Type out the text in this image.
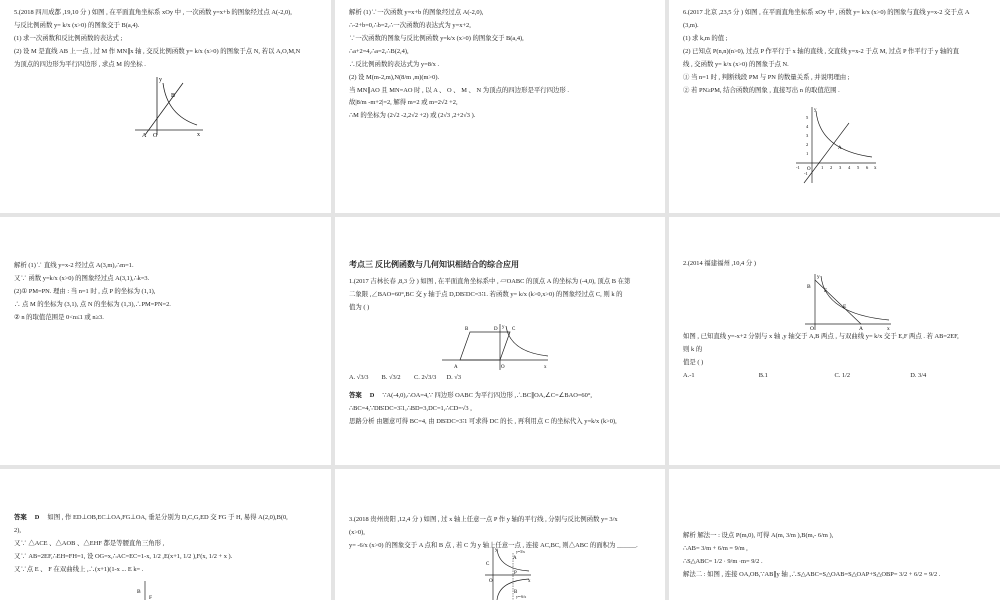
5.(2018 四川成都 ,19,10 分 ) 如图 , 在平面直角坐标系 xOy 中 , 一次函数 y=x+b 的图象经过点 A(-2,0),

与反比例函数 y= k/x (x>0) 的图象交于 B(a,4).

(1) 求一次函数和反比例函数的表达式 ;

(2) 设 M 是直线 AB 上一点 , 过 M 作 MN∥x 轴 , 交反比例函数 y= k/x (x>0) 的图象于点 N, 若以 A,O,M,N

为顶点的四边形为平行四边形 , 求点 M 的坐标 .

y
x
O
A
B

解析 (1)∵一次函数 y=x+b 的图象经过点 A(-2,0),

∴-2+b=0,∴b=2,∴一次函数的表达式为 y=x+2,

∵一次函数的图象与反比例函数 y=k/x (x>0) 的图象交于 B(a,4),

∴a+2=4,∴a=2,∴B(2,4),

∴反比例函数的表达式为 y=8/x .

(2) 设 M(m-2,m),N(8/m ,m)(m>0).

当 MN∥AO 且 MN=AO 时 , 以 A 、 O 、 M 、 N 为顶点的四边形是平行四边形 .

故|8/m -m+2|=2, 解得 m=2 或 m=2√2 +2,

∴M 的坐标为 (2√2 -2,2√2 +2) 或 (2√3 ,2+2√3 ).

6.(2017 北京 ,23,5 分 ) 如图 , 在平面直角坐标系 xOy 中 , 函数 y= k/x (x>0) 的图象与直线 y=x-2 交于点 A

(3,m).

(1) 求 k,m 的值 ;

(2) 已知点 P(n,n)(n>0), 过点 P 作平行于 x 轴的直线 , 交直线 y=x-2 于点 M, 过点 P 作平行于 y 轴的直

线 , 交函数 y= k/x (x>0) 的图象于点 N.

① 当 n=1 时 , 判断线段 PM 与 PN 的数量关系 , 并说明理由 ;

② 若 PN≥PM, 结合函数的图象 , 直接写出 n 的取值范围 .

y
x
A
O
5
4
3
2
1
-1
-1	1 2 3 4 5 6

解析 (1)∵ 直线 y=x-2 经过点 A(3,m),∴m=1.

又∵ 函数 y=k/x (x>0) 的图象经过点 A(3,1),∴k=3.

(2)① PM=PN. 理由 : 当 n=1 时 , 点 P 的坐标为 (1,1),

∴ 点 M 的坐标为 (3,1), 点 N 的坐标为 (1,3),∴PM=PN=2.

② n 的取值范围是 0<n≤1 或 n≥3.

考点三 反比例函数与几何知识相结合的综合应用

1.(2017 吉林长春 ,8,3 分 ) 如图 , 在平面直角坐标系中 , ▱OABC 的顶点 A 的坐标为 (-4,0), 顶点 B 在第

二象限 ,∠BAO=60°,BC 交 y 轴于点 D,DB∶DC=3∶1. 若函数 y= k/x (k>0,x>0) 的图象经过点 C, 则 k 的

值为 ( )

B	D	C
A	O	x
y
A. √3/3	B. √3/2	C. 2√3/3	D. √3

答案 D ∵A(-4,0),∴OA=4,∵ 四边形 OABC 为平行四边形 ,∴BC∥OA,∠C=∠BAO=60°,

∴BC=4,∵DB∶DC=3∶1,∴BD=3,DC=1,∴CD=√3 ,

思路分析 由题意可得 BC=4, 由 DB∶DC=3∶1 可求得 DC 的长 , 再利用点 C 的坐标代入 y=k/x (k>0),

2.(2014 福建福州 ,10,4 分 )

B
F
E
O	A	x
y

如图 , 已知直线 y=-x+2 分别与 x 轴 ,y 轴交于 A,B 两点 , 与双曲线 y= k/x 交于 E,F 两点 . 若 AB=2EF,

则 k 的

值是 ( )

A.-1	B.1	C. 1/2	D. 3/4

答案 D 如图 , 作 ED⊥OB,EC⊥OA,FG⊥OA, 垂足分别为 D,C,G,ED 交 FG 于 H, 易得 A(2,0),B(0,

2),

又∵ △ACE 、△AOB 、△EHF 都是等腰直角三角形 ,

又∵ AB=2EF,∴EH=FH=1, 设 OG=x,∴AC=EC=1-x, 1/2 ,E(x+1, 1/2 ),F(x, 1/2 + x ).

又∵点 E 、 F 在双曲线上 ,∴(x+1)(1-x ... E k= .

B
F

3.(2018 贵州贵阳 ,12,4 分 ) 如图 , 过 x 轴上任意一点 P 作 y 轴的平行线 , 分别与反比例函数 y= 3/x

(x>0),

y= -6/x (x>0) 的图象交于 A 点和 B 点 , 若 C 为 y 轴上任意一点 , 连接 AC,BC, 则△ABC 的面积为 ______.

y
A
P
C
O	x
B
y=3/x
y=-6/x

解析 解法一 : 设点 P(m,0), 可得 A(m, 3/m ),B(m,- 6/m ),

∴AB= 3/m + 6/m = 9/m ,

∴S△ABC= 1/2 · 9/m ·m= 9/2 .

解法二 : 如图 , 连接 OA,OB,∵AB∥y 轴 ,∴S△ABC=S△OAB=S△OAP+S△OBP= 3/2 + 6/2 = 9/2 .
